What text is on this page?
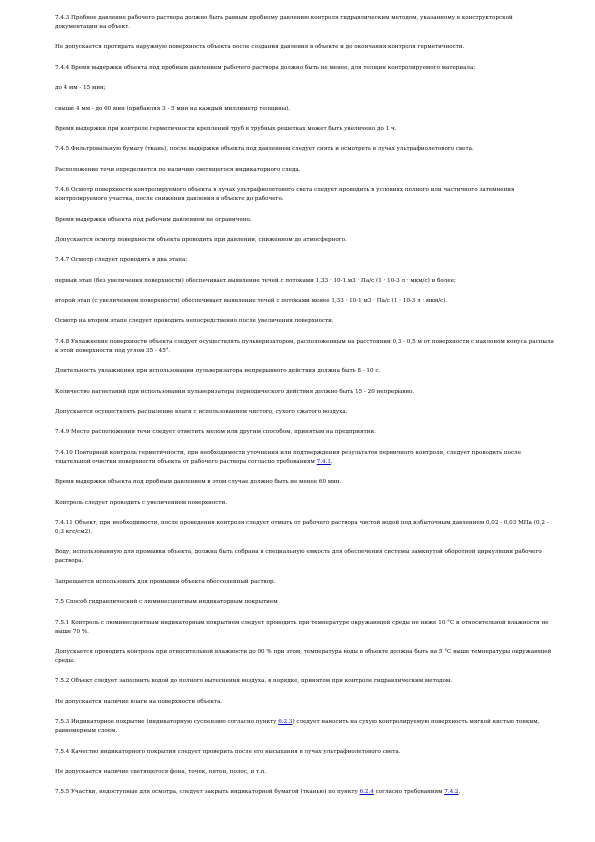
7.4.3 Пробное давление рабочего раствора должно быть равным пробному давлению контроля гидравлическим методом, указанному в конструкторской документации на объект.
Не допускается протирать наружную поверхность объекта после создания давления в объекте и до окончания контроля герметичности.
7.4.4 Время выдержки объекта под пробным давлением рабочего раствора должно быть не менее, для толщин контролируемого материала:
до 4 мм - 15 мин;
свыше 4 мм - до 60 мин (прибавляя 3 - 5 мин на каждый миллиметр толщины).
Время выдержки при контроле герметичности креплений труб в трубных решетках может быть увеличено до 1 ч.
7.4.5 Фильтровальную бумагу (ткань), после выдержки объекта под давлением следует снять и осмотреть в лучах ультрафиолетового света.
Расположение течи определяется по наличию светящегося индикаторного следа.
7.4.6 Осмотр поверхности контролируемого объекта в лучах ультрафиолетового света следует проводить в условиях полного или частичного затемнения контролируемого участка, после снижения давления в объекте до рабочего.
Время выдержки объекта под рабочим давлением не ограничено.
Допускается осмотр поверхности объекта проводить при давлении, сниженном до атмосферного.
7.4.7 Осмотр следует проводить в два этапа:
первый этап (без увеличения поверхности) обеспечивает выявление течей с потоками 1,33 · 10-1 м3 · Па/с (1 · 10-3 л · мкм/с) и более;
второй этап (с увеличением поверхности) обеспечивает выявление течей с потоками менее 1,33 · 10-1 м3 · Па/с (1 · 10-3 л · мкм/с).
Осмотр на втором этапе следует проводить непосредственно после увеличения поверхности.
7.4.8 Увлажнение поверхности объекта следует осуществлять пульверизатором, расположенным на расстоянии 0,3 - 0,5 м от поверхности с наклоном конуса распыла к этой поверхности под углом 35 - 45°.
Длительность увлажнения при использовании пульверизатора непрерывного действия должна быть 8 - 10 с.
Количество нагнетаний при использовании пульверизатора периодического действия должно быть 15 - 20 непрерывно.
Допускается осуществлять распыление влаги с использованием чистого, сухого сжатого воздуха.
7.4.9 Место расположения течи следует отметить мелом или другим способом, принятым на предприятии.
7.4.10 Повторный контроль герметичности, при необходимости уточнения или подтверждения результатов первичного контроля, следует проводить после тщательной очистки поверхности объекта от рабочего раствора согласно требованиям 7.4.1.
Время выдержки объекта под пробным давлением в этом случае должно быть не менее 60 мин.
Контроль следует проводить с увеличением поверхности.
7.4.11 Объект, при необходимости, после проведения контроля следует отмыть от рабочего раствора чистой водой под избыточным давлением 0,02 - 0,03 МПа (0,2 - 0,3 кгс/см2).
Воду, использованную для промывки объекта, должна быть собрана в специальную емкость для обеспечения системы замкнутой оборотной циркуляции рабочего раствора.
Запрещается использовать для промывки объекта обессоленный раствор.
7.5 Способ гидравлический с люминесцентным индикаторным покрытием
7.5.1 Контроль с люминесцентным индикаторным покрытием следует проводить при температуре окружающей среды не ниже 10 °С и относительной влажности не выше 70 %.
Допускается проводить контроль при относительной влажности до 90 % при этом, температура воды в объекте должна быть на 5 °С выше температуры окружающей среды.
7.5.2 Объект следует заполнить водой до полного вытеснения воздуха, в порядке, принятом при контроле гидравлическим методом.
Не допускается наличие влаги на поверхности объекта.
7.5.3 Индикаторное покрытие (индикаторную суспензию согласно пункту 6.2.3) следует наносить на сухую контролируемую поверхность мягкой кистью тонким, равномерным слоем.
7.5.4 Качество индикаторного покрытия следует проверить после его высыхания в лучах ультрафиолетового света.
Не допускается наличие светящегося фона, точек, пятен, полос, и т.п.
7.5.5 Участки, недоступные для осмотра, следует закрыть индикаторной бумагой (тканью) по пункту 6.2.4 согласно требованиям 7.4.2.
